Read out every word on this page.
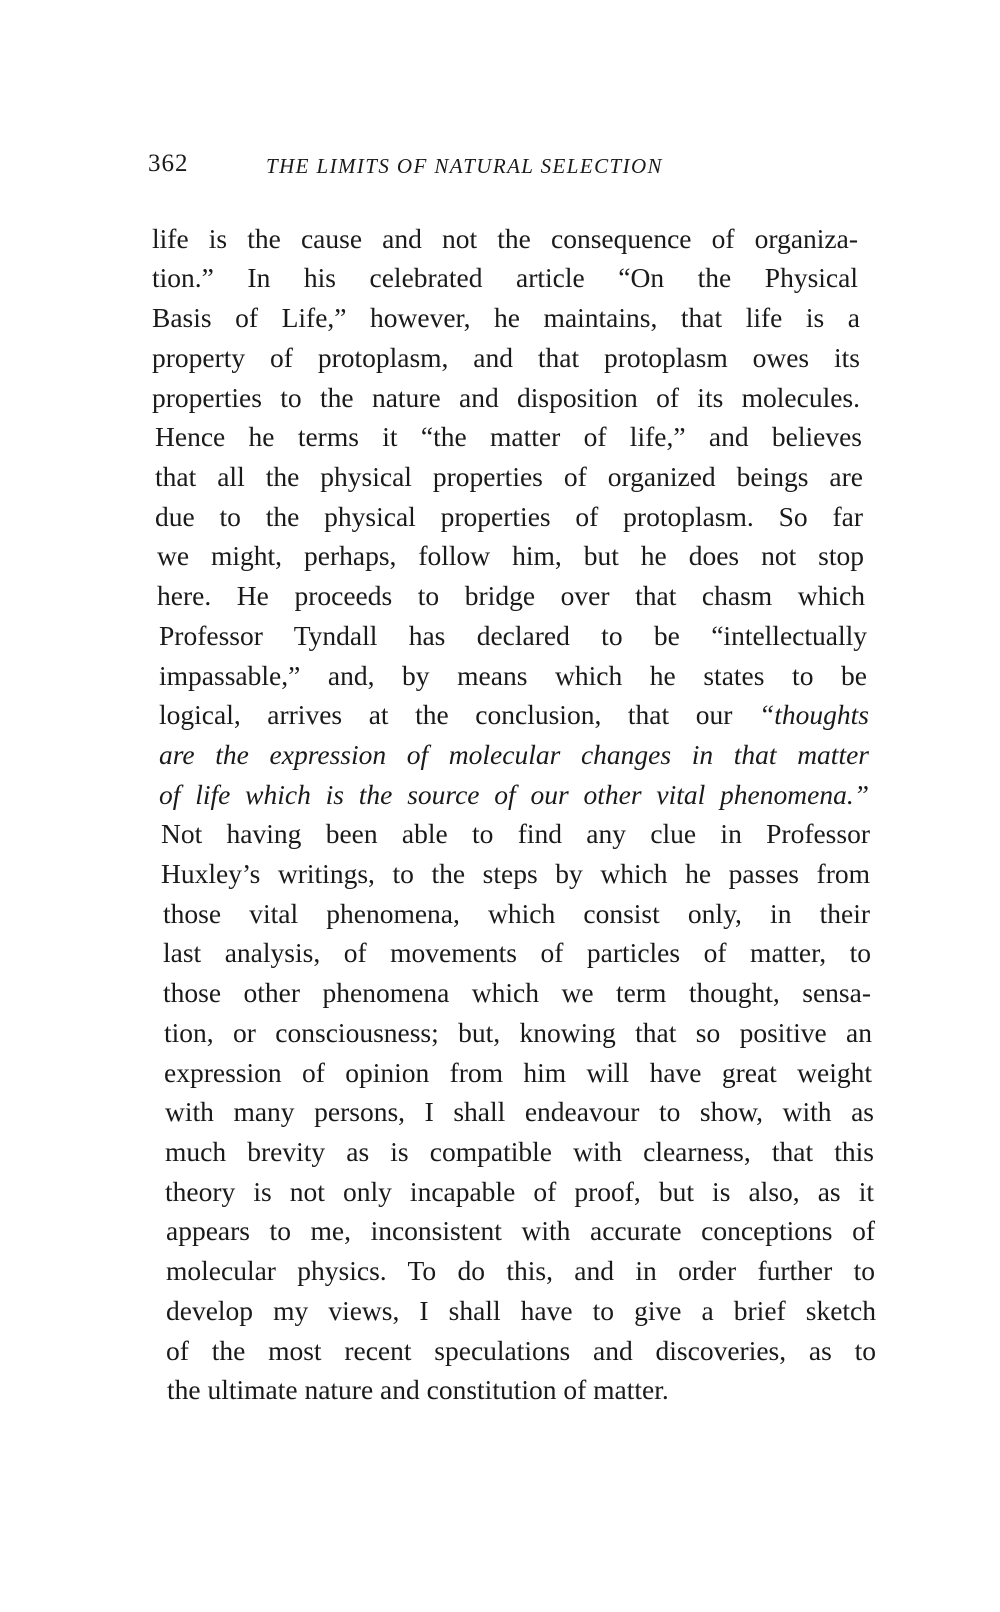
362	THE LIMITS OF NATURAL SELECTION
life is the cause and not the consequence of organiza-
tion.” In his celebrated article “On the Physical
Basis of Life,” however, he maintains, that life is a
property of protoplasm, and that protoplasm owes its
properties to the nature and disposition of its molecules.
Hence he terms it “the matter of life,” and believes
that all the physical properties of organized beings are
due to the physical properties of protoplasm. So far
we might, perhaps, follow him, but he does not stop
here. He proceeds to bridge over that chasm which
Professor Tyndall has declared to be “intellectually
impassable,” and, by means which he states to be
logical, arrives at the conclusion, that our “thoughts
are the expression of molecular changes in that matter
of life which is the source of our other vital phenomena.”
Not having been able to find any clue in Professor
Huxley’s writings, to the steps by which he passes from
those vital phenomena, which consist only, in their
last analysis, of movements of particles of matter, to
those other phenomena which we term thought, sensa-
tion, or consciousness; but, knowing that so positive an
expression of opinion from him will have great weight
with many persons, I shall endeavour to show, with as
much brevity as is compatible with clearness, that this
theory is not only incapable of proof, but is also, as it
appears to me, inconsistent with accurate conceptions of
molecular physics. To do this, and in order further to
develop my views, I shall have to give a brief sketch
of the most recent speculations and discoveries, as to
the ultimate nature and constitution of matter.
